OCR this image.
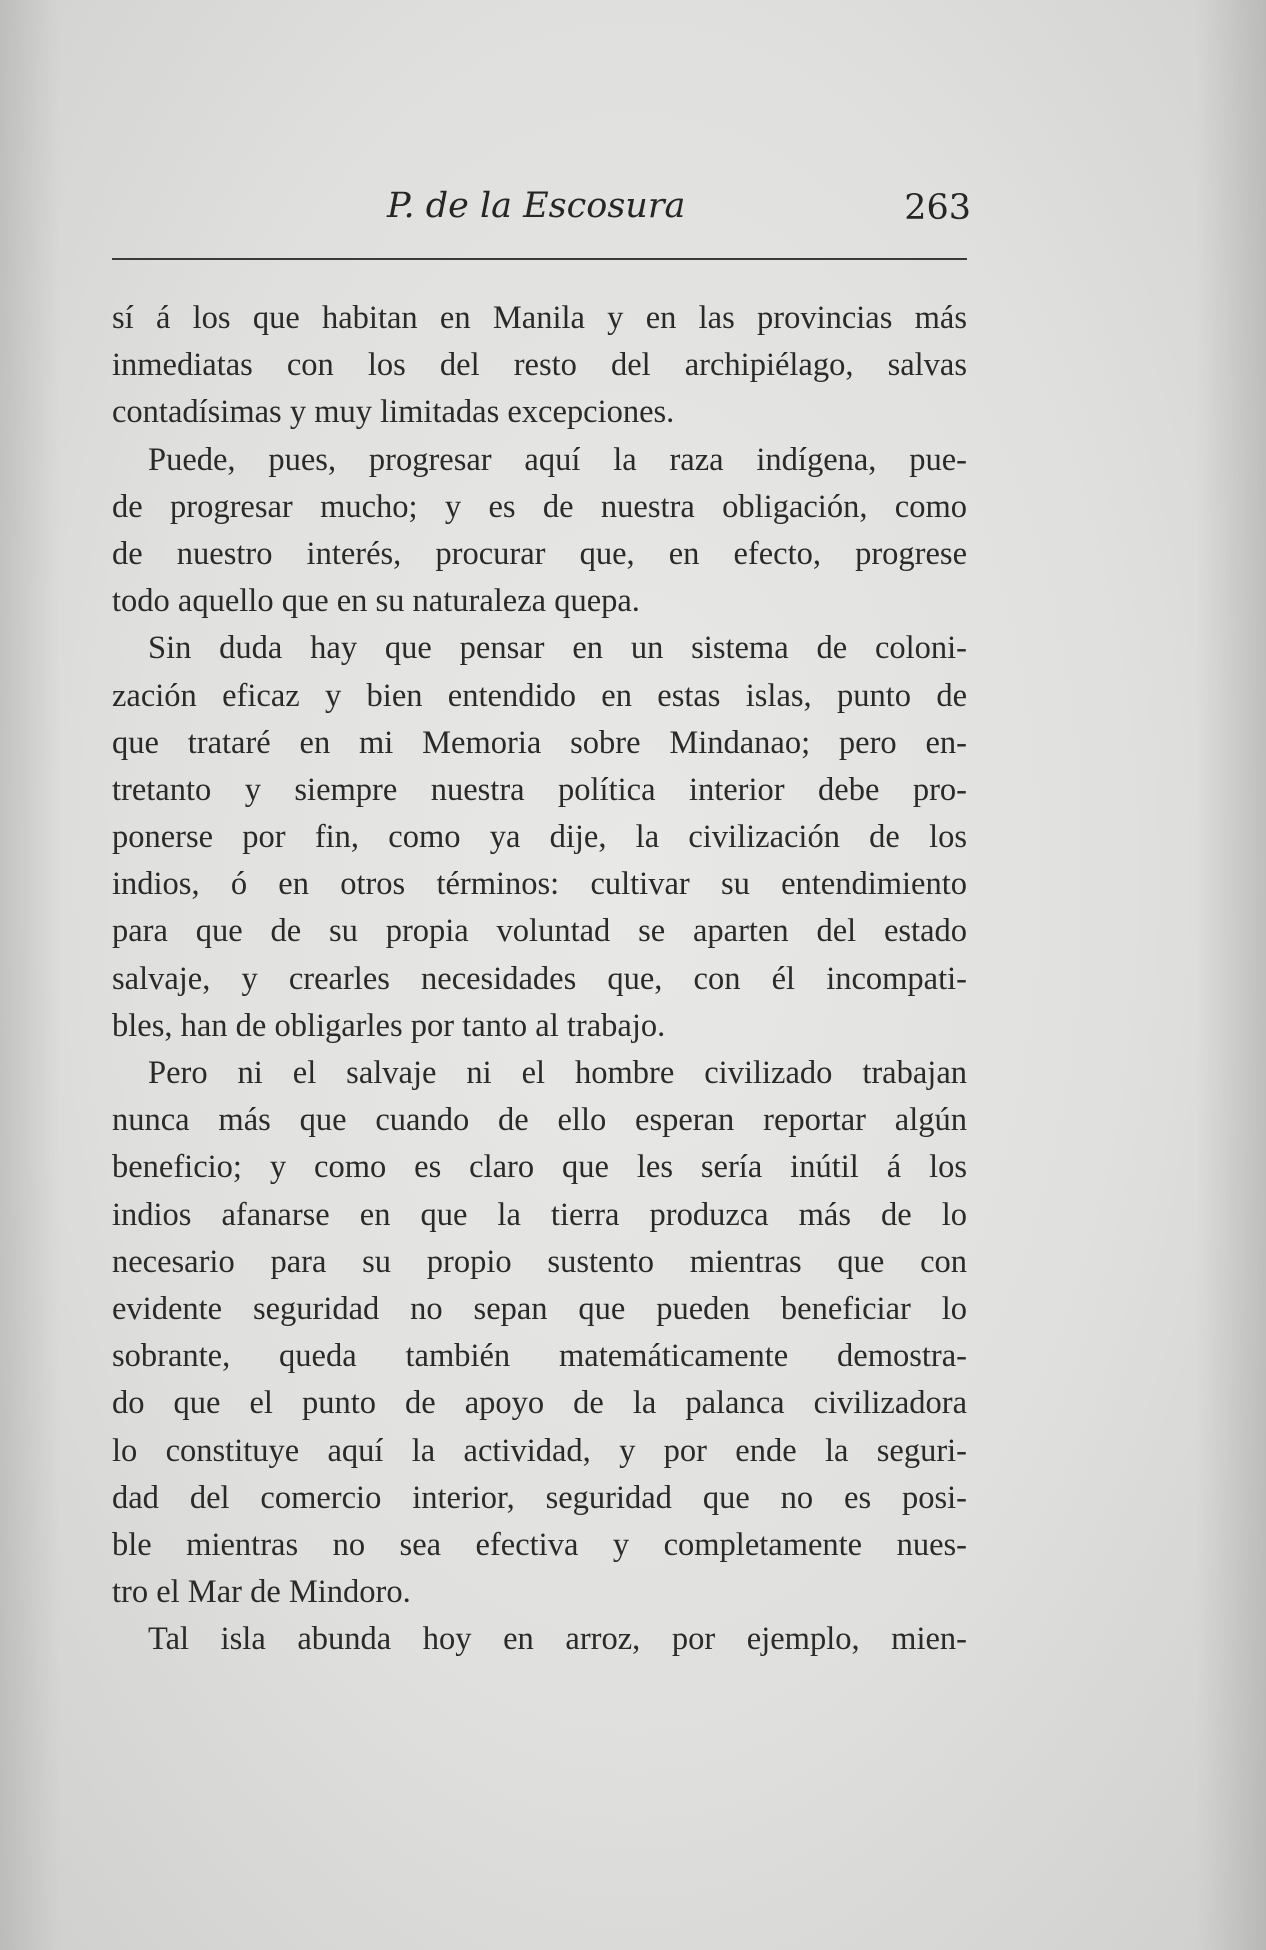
P. de la Escosura	263
sí á los que habitan en Manila y en las provincias más
inmediatas con los del resto del archipiélago, salvas
contadísimas y muy limitadas excepciones.
Puede, pues, progresar aquí la raza indígena, pue-
de progresar mucho; y es de nuestra obligación, como
de nuestro interés, procurar que, en efecto, progrese
todo aquello que en su naturaleza quepa.
Sin duda hay que pensar en un sistema de coloni-
zación eficaz y bien entendido en estas islas, punto de
que trataré en mi Memoria sobre Mindanao; pero en-
tretanto y siempre nuestra política interior debe pro-
ponerse por fin, como ya dije, la civilización de los
indios, ó en otros términos: cultivar su entendimiento
para que de su propia voluntad se aparten del estado
salvaje, y crearles necesidades que, con él incompati-
bles, han de obligarles por tanto al trabajo.
Pero ni el salvaje ni el hombre civilizado trabajan
nunca más que cuando de ello esperan reportar algún
beneficio; y como es claro que les sería inútil á los
indios afanarse en que la tierra produzca más de lo
necesario para su propio sustento mientras que con
evidente seguridad no sepan que pueden beneficiar lo
sobrante, queda también matemáticamente demostra-
do que el punto de apoyo de la palanca civilizadora
lo constituye aquí la actividad, y por ende la seguri-
dad del comercio interior, seguridad que no es posi-
ble mientras no sea efectiva y completamente nues-
tro el Mar de Mindoro.
Tal isla abunda hoy en arroz, por ejemplo, mien-
